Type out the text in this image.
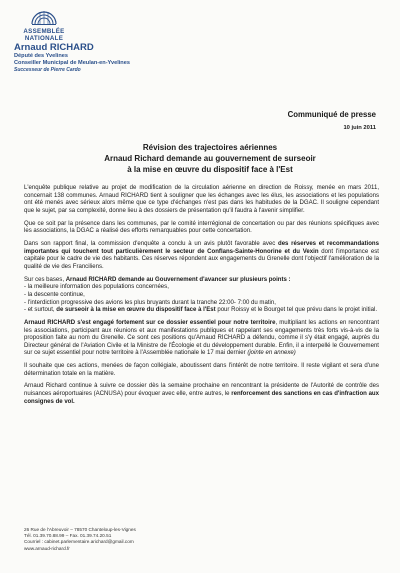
ASSEMBLÉE
NATIONALE
Arnaud RICHARD
Député des Yvelines
Conseiller Municipal de Meulan-en-Yvelines
Successeur de Pierre Cardo
Communiqué de presse
10 juin 2011
Révision des trajectoires aériennes
Arnaud Richard demande au gouvernement de surseoir
à la mise en œuvre du dispositif face à l'Est

L'enquête publique relative au projet de modification de la circulation aérienne en direction de Roissy, menée en mars 2011, concernait 138 communes. Arnaud RICHARD tient à souligner que les échanges avec les élus, les associations et les populations ont été menés avec sérieux alors même que ce type d'échanges n'est pas dans les habitudes de la DGAC. Il souligne cependant que le sujet, par sa complexité, donne lieu à des dossiers de présentation qu'il faudra à l'avenir simplifier.

Que ce soit par la présence dans les communes, par le comité interrégional de concertation ou par des réunions spécifiques avec les associations, la DGAC a réalisé des efforts remarquables pour cette concertation.

Dans son rapport final, la commission d'enquête a conclu à un avis plutôt favorable avec des réserves et recommandations importantes qui touchent tout particulièrement le secteur de Conflans-Sainte-Honorine et du Vexin dont l'importance est capitale pour le cadre de vie des habitants. Ces réserves répondent aux engagements du Grenelle dont l'objectif l'amélioration de la qualité de vie des Franciliens.

Sur ces bases, Arnaud RICHARD demande au Gouvernement d'avancer sur plusieurs points :
- la meilleure information des populations concernées,
- la descente continue,
- l'interdiction progressive des avions les plus bruyants durant la tranche 22:00- 7:00 du matin,

- et surtout, de surseoir à la mise en œuvre du dispositif face à l'Est pour Roissy et le Bourget tel que prévu dans le projet initial.

Arnaud RICHARD s'est engagé fortement sur ce dossier essentiel pour notre territoire, multipliant les actions en rencontrant les associations, participant aux réunions et aux manifestations publiques et rappelant ses engagements très forts vis-à-vis de la proposition faite au nom du Grenelle. Ce sont ces positions qu'Arnaud RICHARD a défendu, comme il s'y était engagé, auprès du Directeur général de l'Aviation Civile et la Ministre de l'Écologie et du développement durable. Enfin, il a interpellé le Gouvernement sur ce sujet essentiel pour notre territoire à l'Assemblée nationale le 17 mai dernier (jointe en annexe)

Il souhaite que ces actions, menées de façon collégiale, aboutissent dans l'intérêt de notre territoire. Il reste vigilant et sera d'une détermination totale en la matière.

Arnaud Richard continue à suivre ce dossier dès la semaine prochaine en rencontrant la présidente de l'Autorité de contrôle des nuisances aéroportuaires (ACNUSA) pour évoquer avec elle, entre autres, le renforcement des sanctions en cas d'infraction aux consignes de vol.

26 Rue de l'Abreuvoir – 78570 Chanteloup-les-Vignes
Tél. 01.39.70.88.99 – Fax. 01.39.74.20.51
Courriel : cabinet.parlementaire.arichard@gmail.com
www.arnaud-richard.fr
